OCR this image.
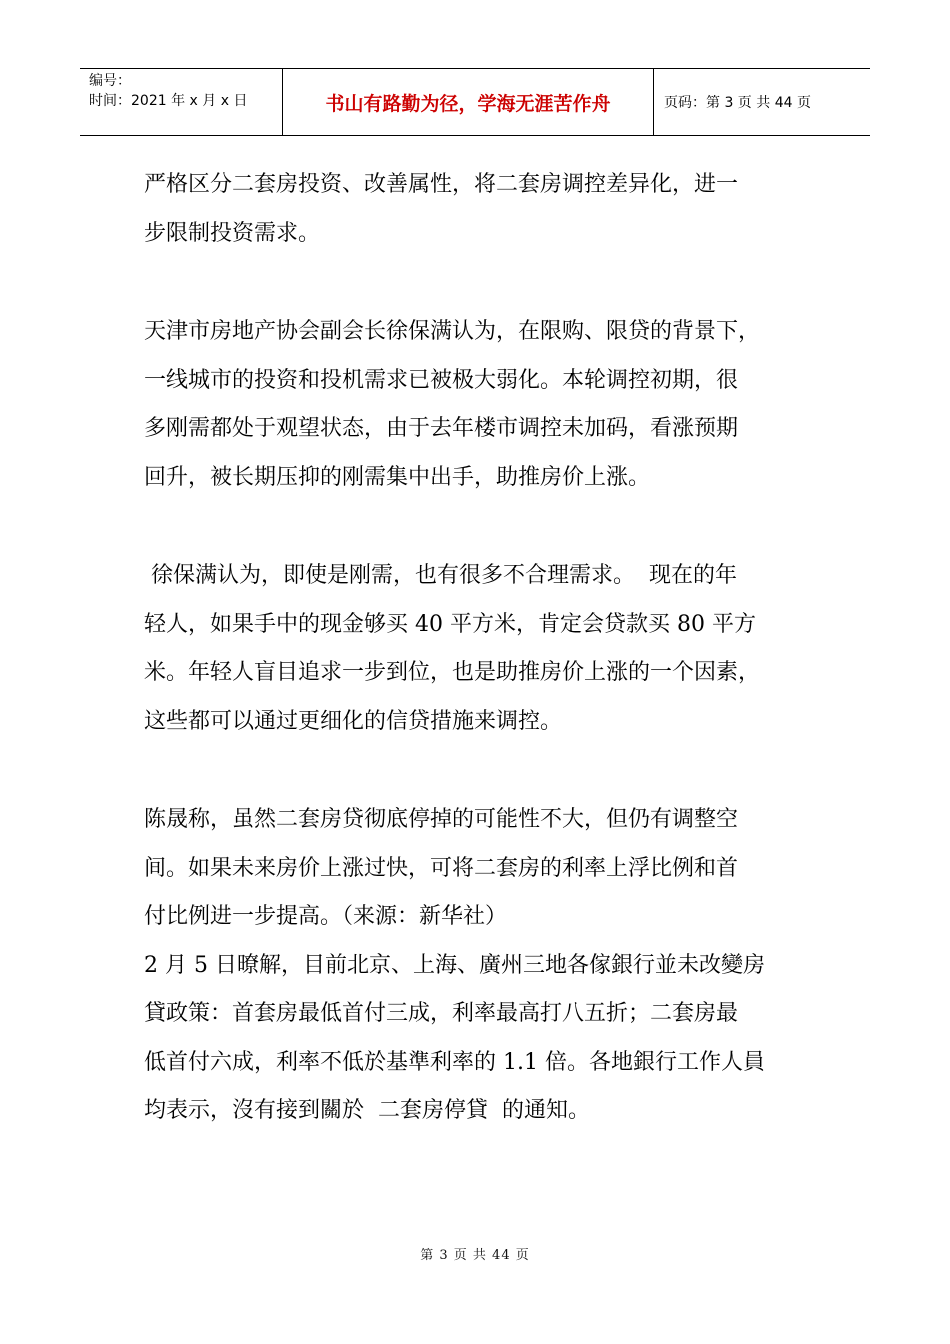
编号：
时间：2021 年 x 月 x 日	书山有路勤为径，学海无涯苦作舟	页码：第 3 页 共 44 页
严格区分二套房投资、改善属性，将二套房调控差异化，进一
步限制投资需求。
天津市房地产协会副会长徐保满认为，在限购、限贷的背景下，
一线城市的投资和投机需求已被极大弱化。本轮调控初期，很
多刚需都处于观望状态，由于去年楼市调控未加码，看涨预期
回升，被长期压抑的刚需集中出手，助推房价上涨。
徐保满认为，即使是刚需，也有很多不合理需求。  现在的年
轻人，如果手中的现金够买 40 平方米，肯定会贷款买 80 平方
米。年轻人盲目追求一步到位，也是助推房价上涨的一个因素，
这些都可以通过更细化的信贷措施来调控。
陈晟称，虽然二套房贷彻底停掉的可能性不大，但仍有调整空
间。如果未来房价上涨过快，可将二套房的利率上浮比例和首
付比例进一步提高。（来源：新华社）
2 月 5 日暸解，目前北京、上海、廣州三地各傢銀行並未改變房
貸政策：首套房最低首付三成，利率最高打八五折；二套房最
低首付六成，利率不低於基準利率的 1.1 倍。各地銀行工作人員
均表示，沒有接到關於  二套房停貸  的通知。
第 3 页 共 44 页
